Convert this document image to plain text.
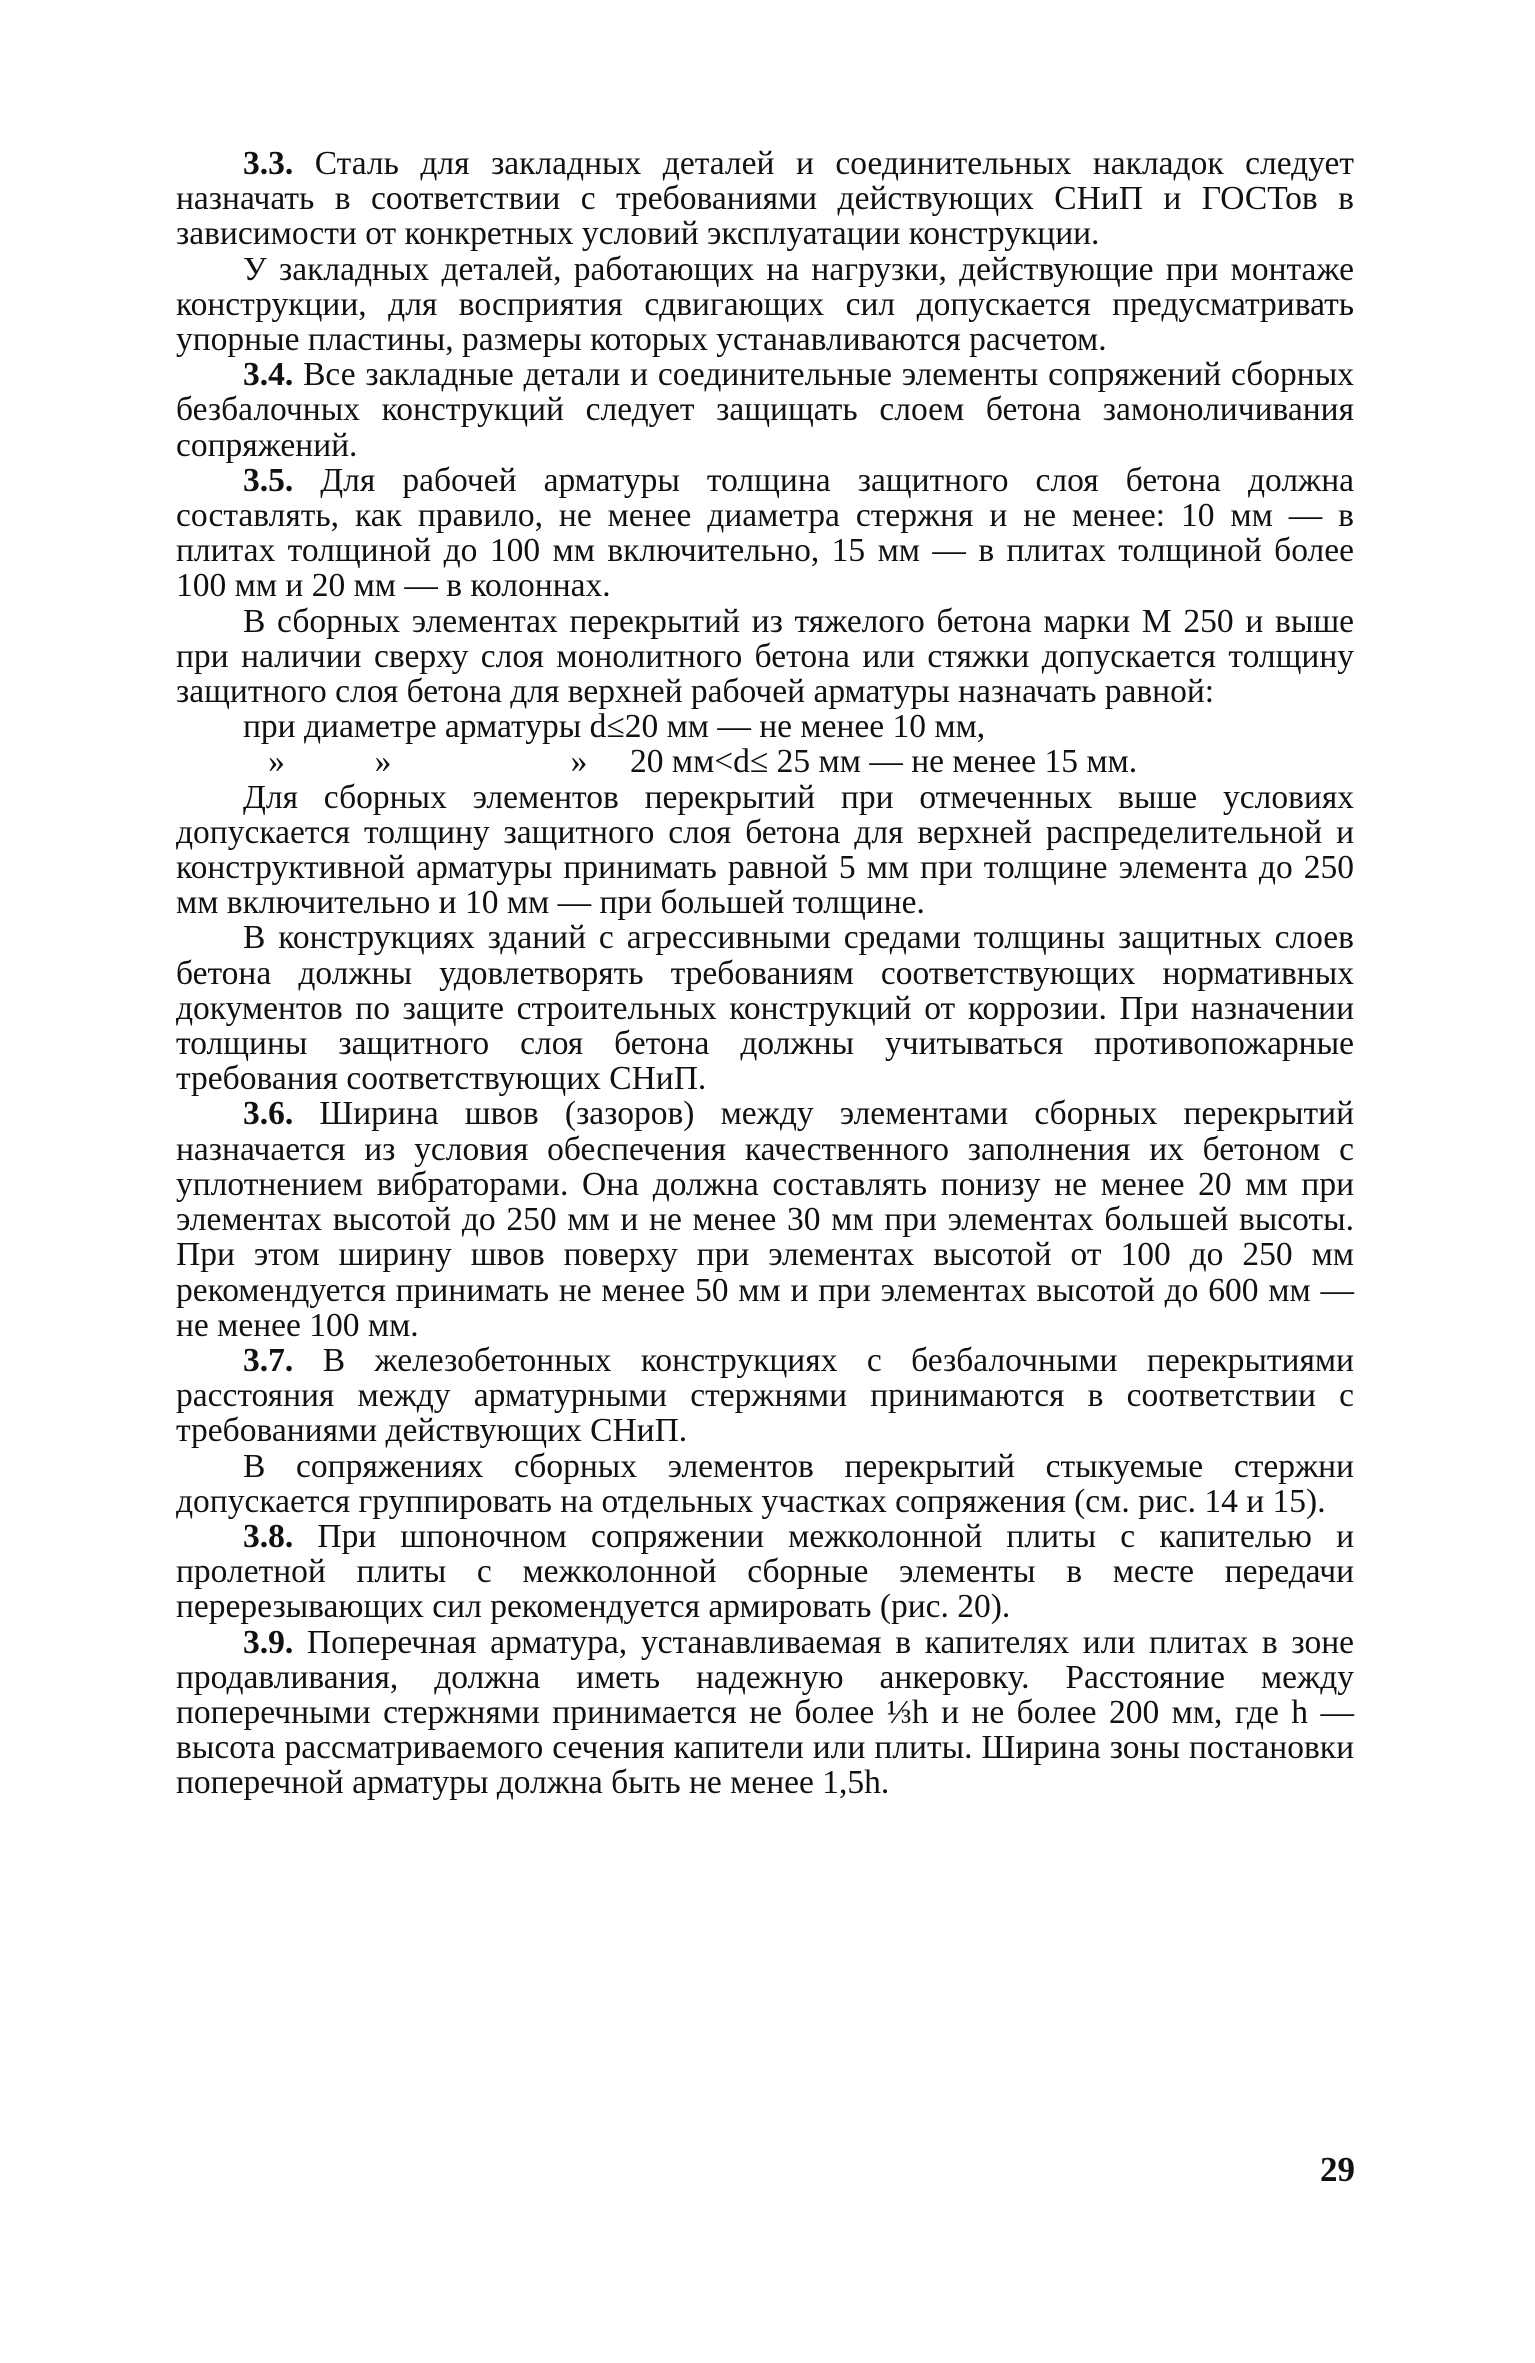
3.3. Сталь для закладных деталей и соединительных накладок следует назначать в соответствии с требованиями действующих СНиП и ГОСТов в зависимости от конкретных условий эксплуатации конструкции.

У закладных деталей, работающих на нагрузки, действующие при монтаже конструкции, для восприятия сдвигающих сил допускается предусматривать упорные пластины, размеры которых устанавливаются расчетом.

3.4. Все закладные детали и соединительные элементы сопряжений сборных безбалочных конструкций следует защищать слоем бетона замоноличивания сопряжений.

3.5. Для рабочей арматуры толщина защитного слоя бетона должна составлять, как правило, не менее диаметра стержня и не менее: 10 мм — в плитах толщиной до 100 мм включительно, 15 мм — в плитах толщиной более 100 мм и 20 мм — в колоннах.

В сборных элементах перекрытий из тяжелого бетона марки М 250 и выше при наличии сверху слоя монолитного бетона или стяжки допускается толщину защитного слоя бетона для верхней рабочей арматуры назначать равной:

при диаметре арматуры d≤20 мм — не менее 10 мм,

»	»	» 20 мм<d≤ 25 мм — не менее 15 мм.

Для сборных элементов перекрытий при отмеченных выше условиях допускается толщину защитного слоя бетона для верхней распределительной и конструктивной арматуры принимать равной 5 мм при толщине элемента до 250 мм включительно и 10 мм — при большей толщине.

В конструкциях зданий с агрессивными средами толщины защитных слоев бетона должны удовлетворять требованиям соответствующих нормативных документов по защите строительных конструкций от коррозии. При назначении толщины защитного слоя бетона должны учитываться противопожарные требования соответствующих СНиП.

3.6. Ширина швов (зазоров) между элементами сборных перекрытий назначается из условия обеспечения качественного заполнения их бетоном с уплотнением вибраторами. Она должна составлять понизу не менее 20 мм при элементах высотой до 250 мм и не менее 30 мм при элементах большей высоты. При этом ширину швов поверху при элементах высотой от 100 до 250 мм рекомендуется принимать не менее 50 мм и при элементах высотой до 600 мм — не менее 100 мм.

3.7. В железобетонных конструкциях с безбалочными перекрытиями расстояния между арматурными стержнями принимаются в соответствии с требованиями действующих СНиП.

В сопряжениях сборных элементов перекрытий стыкуемые стержни допускается группировать на отдельных участках сопряжения (см. рис. 14 и 15).

3.8. При шпоночном сопряжении межколонной плиты с капителью и пролетной плиты с межколонной сборные элементы в месте передачи перерезывающих сил рекомендуется армировать (рис. 20).

3.9. Поперечная арматура, устанавливаемая в капителях или плитах в зоне продавливания, должна иметь надежную анкеровку. Расстояние между поперечными стержнями принимается не более ⅓h и не более 200 мм, где h — высота рассматриваемого сечения капители или плиты. Ширина зоны постановки поперечной арматуры должна быть не менее 1,5h.

29
